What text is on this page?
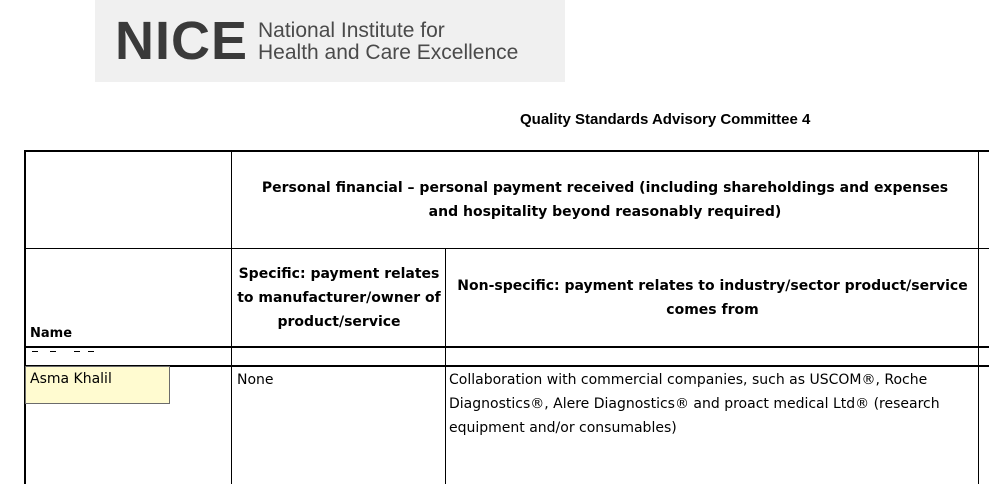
NICE National Institute for
Health and Care Excellence
Quality Standards Advisory Committee 4
Personal financial – personal payment received (including shareholdings and expenses and hospitality beyond reasonably required)
Name
Specific: payment relates to manufacturer/owner of product/service
Non-specific: payment relates to industry/sector product/service comes from
Asma Khalil	None	Collaboration with commercial companies, such as USCOM®, Roche Diagnostics®, Alere Diagnostics® and proact medical Ltd® (research equipment and/or consumables)
